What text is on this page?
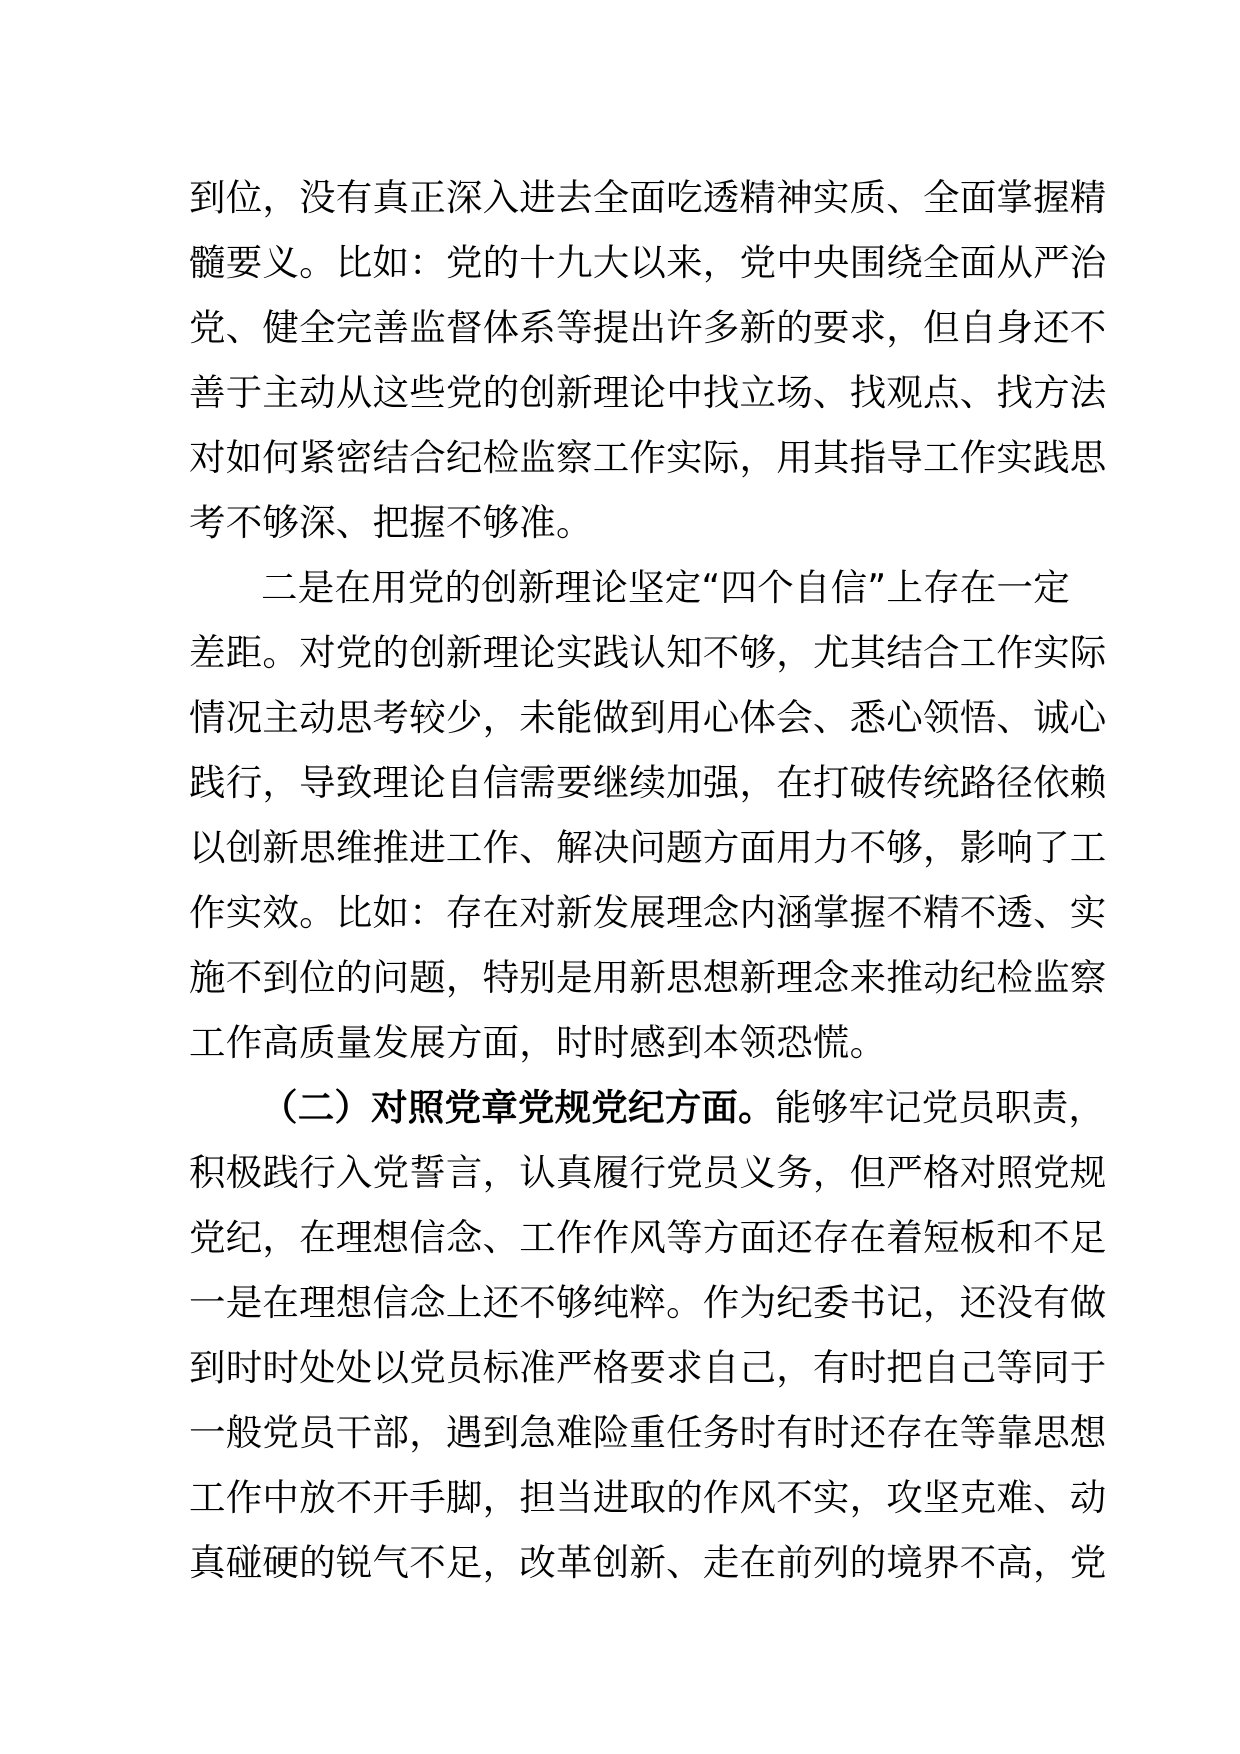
到位，没有真正深入进去全面吃透精神实质、全面掌握精
髓要义。比如：党的十九大以来，党中央围绕全面从严治
党、健全完善监督体系等提出许多新的要求，但自身还不
善于主动从这些党的创新理论中找立场、找观点、找方法
对如何紧密结合纪检监察工作实际，用其指导工作实践思
考不够深、把握不够准。
二是在用党的创新理论坚定“四个自信”上存在一定
差距。对党的创新理论实践认知不够，尤其结合工作实际
情况主动思考较少，未能做到用心体会、悉心领悟、诚心
践行，导致理论自信需要继续加强，在打破传统路径依赖
以创新思维推进工作、解决问题方面用力不够，影响了工
作实效。比如：存在对新发展理念内涵掌握不精不透、实
施不到位的问题，特别是用新思想新理念来推动纪检监察
工作高质量发展方面，时时感到本领恐慌。
（二）对照党章党规党纪方面。能够牢记党员职责，
积极践行入党誓言，认真履行党员义务，但严格对照党规
党纪，在理想信念、工作作风等方面还存在着短板和不足
一是在理想信念上还不够纯粹。作为纪委书记，还没有做
到时时处处以党员标准严格要求自己，有时把自己等同于
一般党员干部，遇到急难险重任务时有时还存在等靠思想
工作中放不开手脚，担当进取的作风不实，攻坚克难、动
真碰硬的锐气不足，改革创新、走在前列的境界不高，党
